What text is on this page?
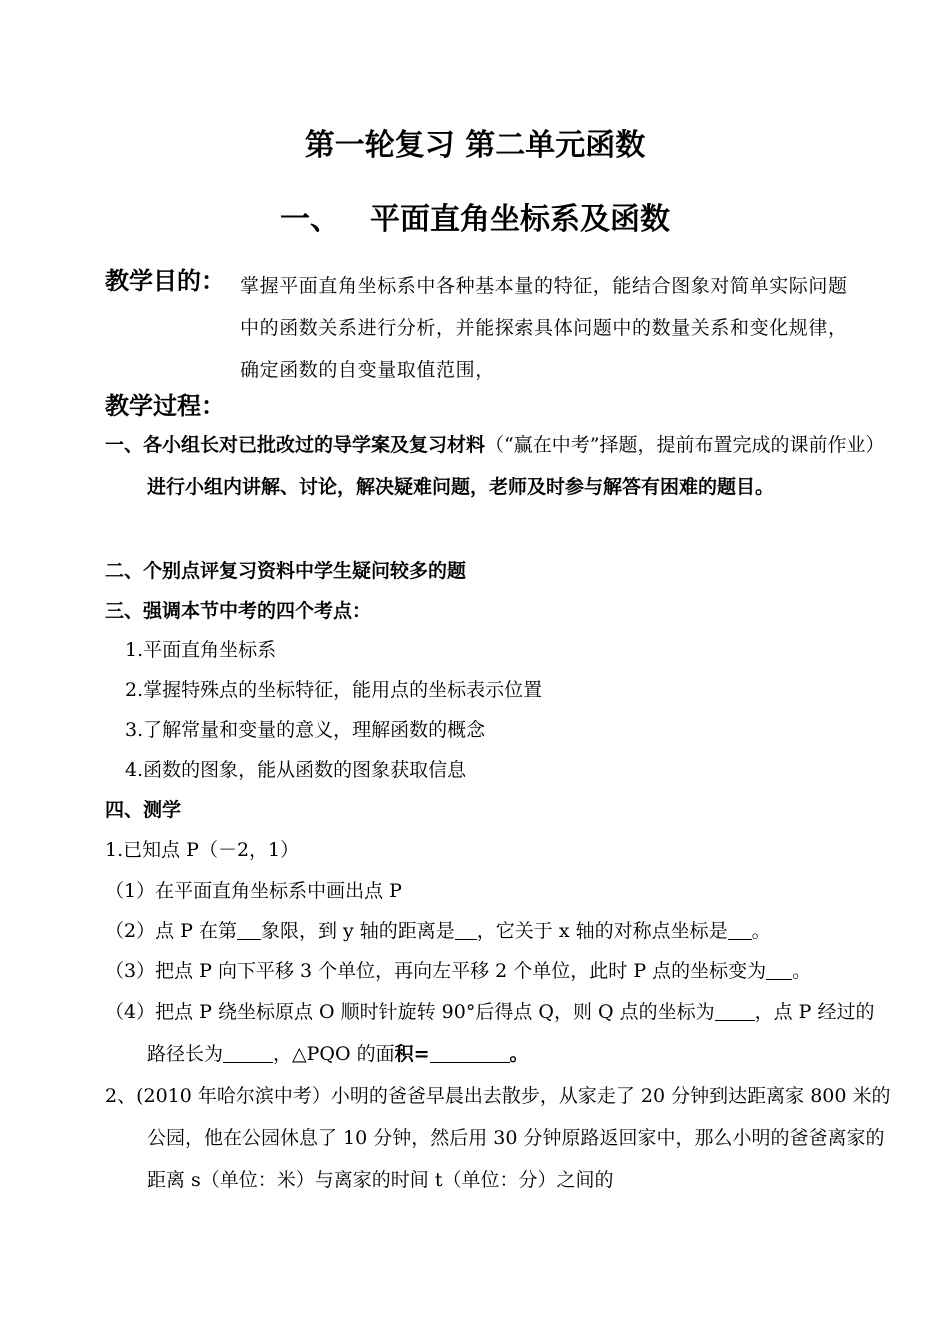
第一轮复习 第二单元函数
一、 平面直角坐标系及函数
教学目的： 掌握平面直角坐标系中各种基本量的特征，能结合图象对简单实际问题中的函数关系进行分析，并能探索具体问题中的数量关系和变化规律，确定函数的自变量取值范围，
教学过程：
一、各小组长对已批改过的导学案及复习材料（“赢在中考”择题，提前布置完成的课前作业）进行小组内讲解、讨论，解决疑难问题，老师及时参与解答有困难的题目。
二、个别点评复习资料中学生疑问较多的题
三、强调本节中考的四个考点：
1.平面直角坐标系
2.掌握特殊点的坐标特征，能用点的坐标表示位置
3.了解常量和变量的意义，理解函数的概念
4.函数的图象，能从函数的图象获取信息
四、测学
1.已知点 P（－2，1）
（1）在平面直角坐标系中画出点 P
（2）点 P 在第 象限，到 y 轴的距离是 ，它关于 x 轴的对称点坐标是 。
（3）把点 P 向下平移 3 个单位，再向左平移 2 个单位，此时 P 点的坐标变为 。
（4）把点 P 绕坐标原点 O 顺时针旋转 90°后得点 Q，则 Q 点的坐标为 ，点 P 经过的路径长为	，△PQO 的面积=	。
2、(2010 年哈尔滨中考）小明的爸爸早晨出去散步，从家走了 20 分钟到达距离家 800 米的公园，他在公园休息了 10 分钟，然后用 30 分钟原路返回家中，那么小明的爸爸离家的距离 s（单位：米）与离家的时间 t（单位：分）之间的
